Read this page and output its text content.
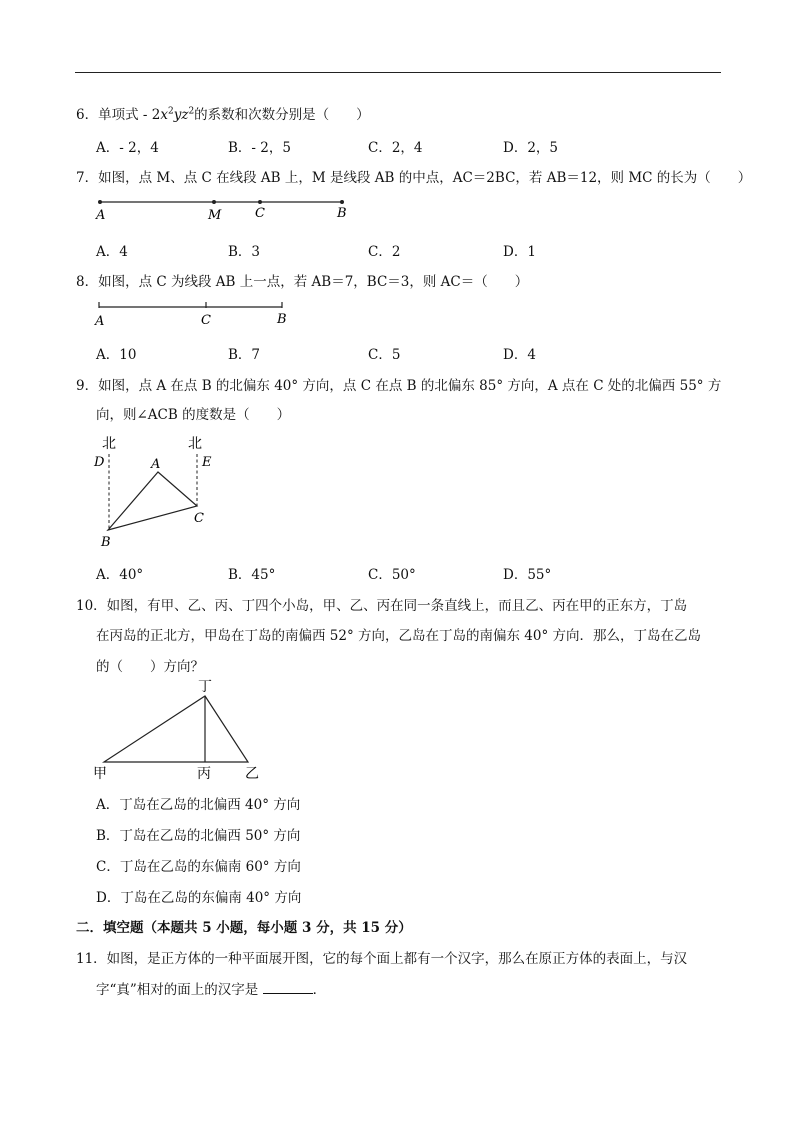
6．单项式 - $2x^2yz^2$的系数和次数分别是（　　）
A．- 2，4	B．- 2，5	C．2，4	D．2，5
7．如图，点 M、点 C 在线段 AB 上，M 是线段 AB 的中点，AC＝2BC，若 AB＝12，则 MC 的长为（　　）
A	M	C	B
A．4	B．3	C．2	D．1
8．如图，点 C 为线段 AB 上一点，若 AB＝7，BC＝3，则 AC＝（　　）
A	C	B
A．10	B．7	C．5	D．4
9．如图，点 A 在点 B 的北偏东 40° 方向，点 C 在点 B 的北偏东 85° 方向，A 点在 C 处的北偏西 55° 方
向，则∠ACB 的度数是（　　）
北	北
D	E
A
B
C
A．40°	B．45°	C．50°	D．55°
10．如图，有甲、乙、丙、丁四个小岛，甲、乙、丙在同一条直线上，而且乙、丙在甲的正东方，丁岛
在丙岛的正北方，甲岛在丁岛的南偏西 52° 方向，乙岛在丁岛的南偏东 40° 方向．那么，丁岛在乙岛
的（　　）方向？
丁
甲	丙 乙
A．丁岛在乙岛的北偏西 40° 方向
B．丁岛在乙岛的北偏西 50° 方向
C．丁岛在乙岛的东偏南 60° 方向
D．丁岛在乙岛的东偏南 40° 方向
二．填空题（本题共 5 小题，每小题 3 分，共 15 分）
11．如图，是正方体的一种平面展开图，它的每个面上都有一个汉字，那么在原正方体的表面上，与汉
字“真”相对的面上的汉字是	．
